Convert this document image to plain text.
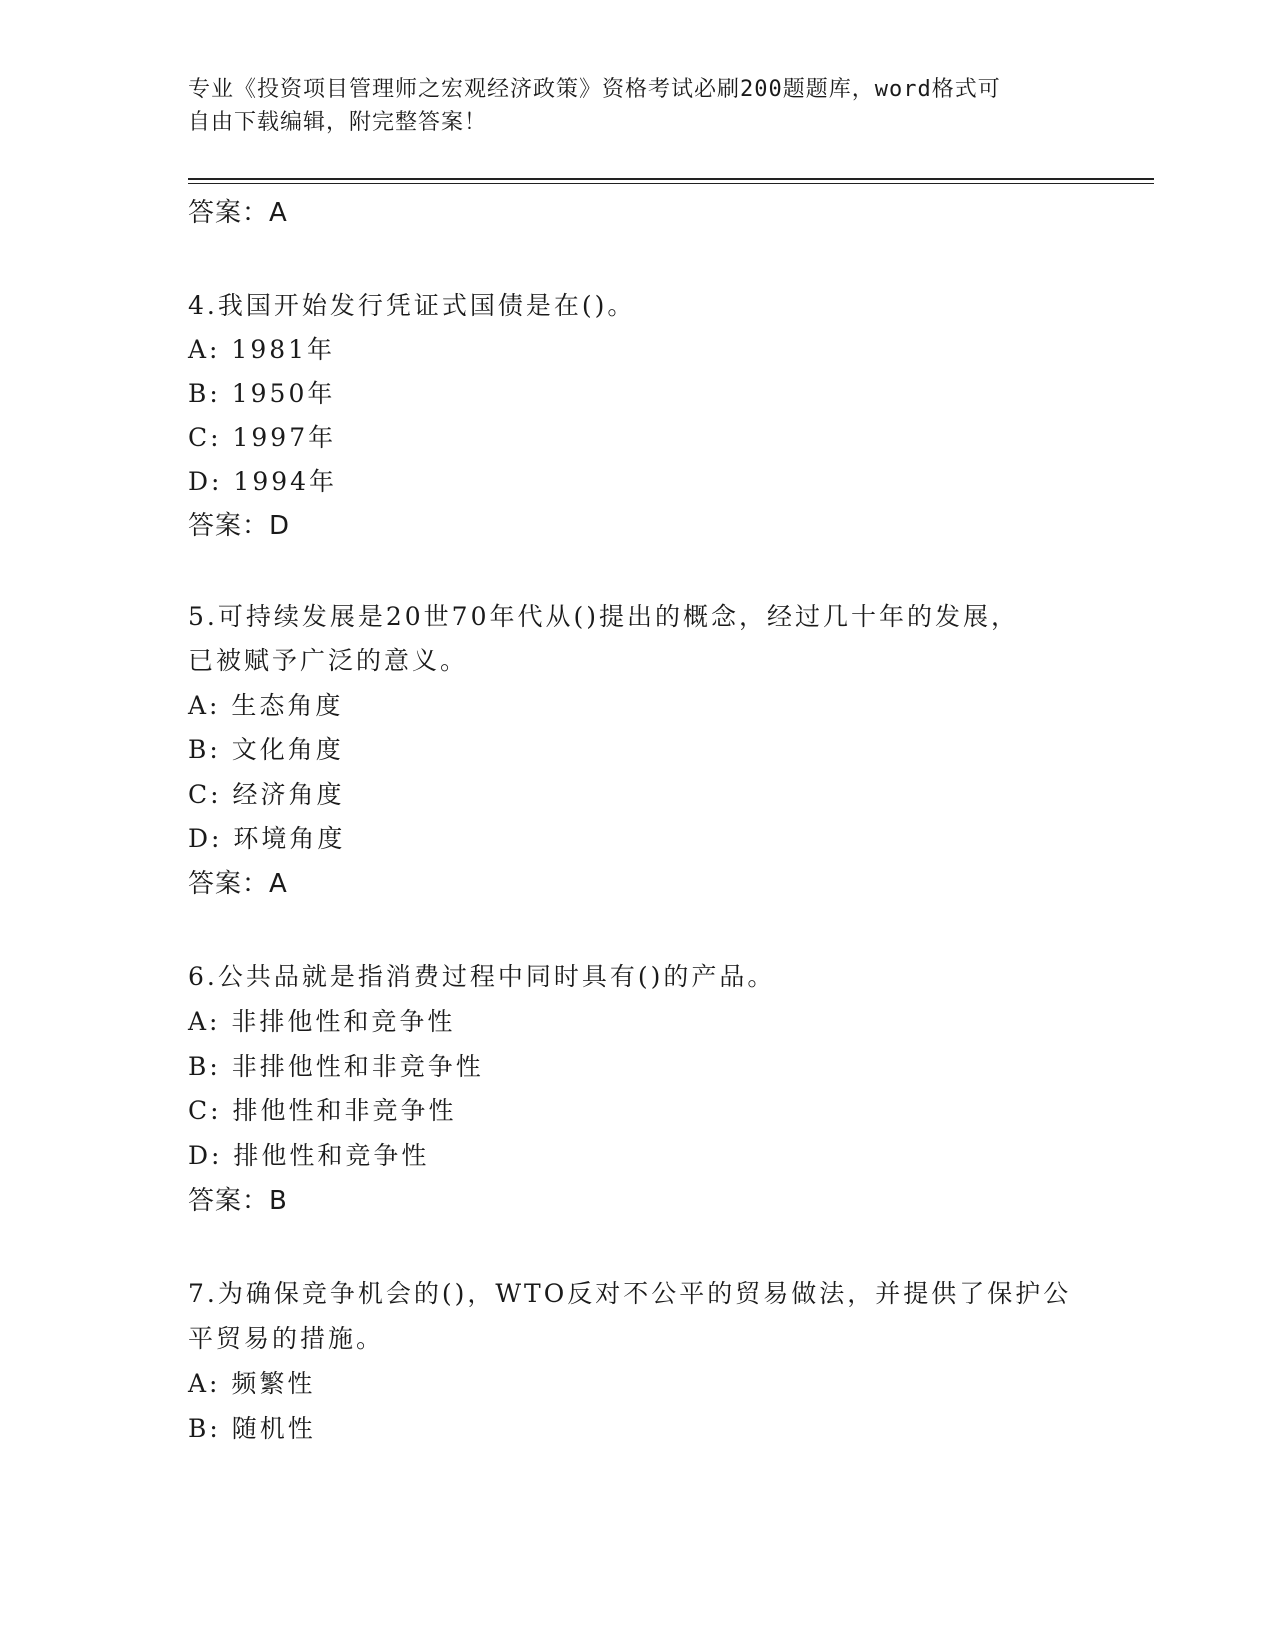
专业《投资项目管理师之宏观经济政策》资格考试必刷200题题库，word格式可
自由下载编辑，附完整答案！
答案：A
4.我国开始发行凭证式国债是在()。
A: 1981年
B: 1950年
C: 1997年
D: 1994年
答案：D
5.可持续发展是20世70年代从()提出的概念，经过几十年的发展，
已被赋予广泛的意义。
A: 生态角度
B: 文化角度
C: 经济角度
D: 环境角度
答案：A
6.公共品就是指消费过程中同时具有()的产品。
A: 非排他性和竞争性
B: 非排他性和非竞争性
C: 排他性和非竞争性
D: 排他性和竞争性
答案：B
7.为确保竞争机会的()，WTO反对不公平的贸易做法，并提供了保护公
平贸易的措施。
A: 频繁性
B: 随机性
